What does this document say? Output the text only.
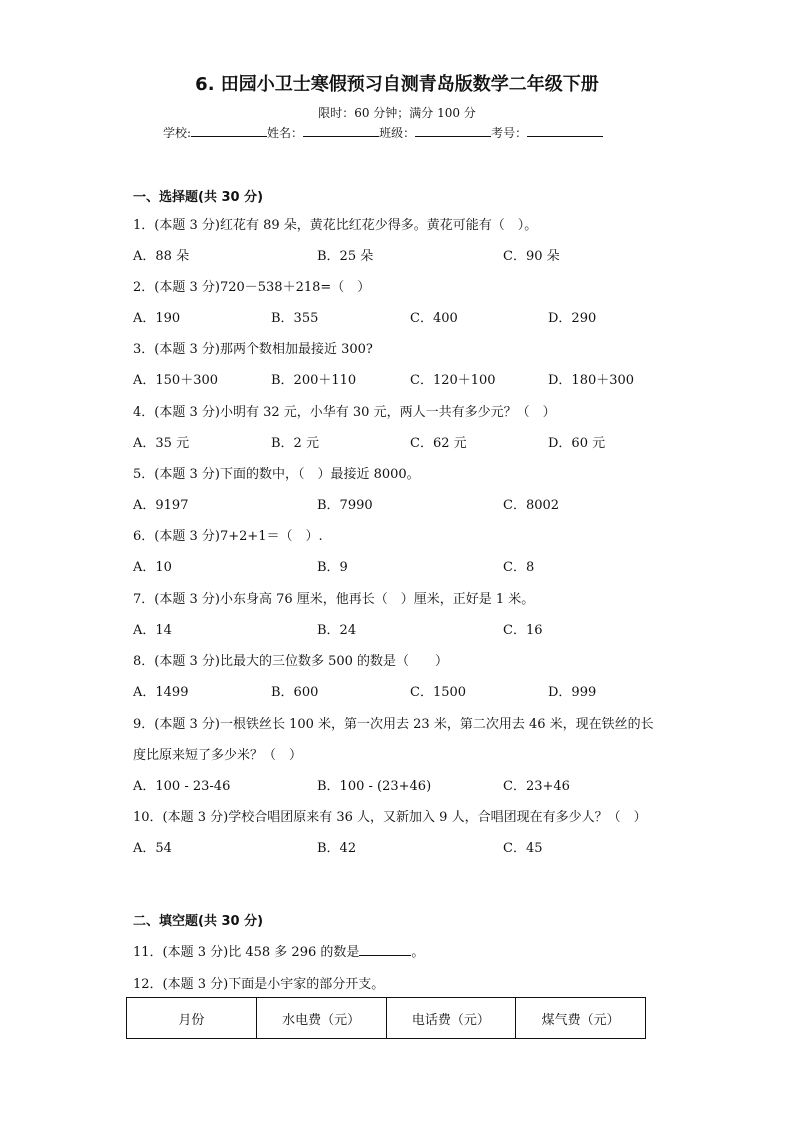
6. 田园小卫士寒假预习自测青岛版数学二年级下册
限时：60 分钟；满分 100 分
学校:	姓名：	班级：	考号：
一、选择题(共 30 分)
1．(本题 3 分)红花有 89 朵，黄花比红花少得多。黄花可能有（　）。
A．88 朵	B．25 朵	C．90 朵
2．(本题 3 分)720－538＋218=（　）
A．190	B．355	C．400	D．290
3．(本题 3 分)那两个数相加最接近 300?
A．150＋300	B．200＋110	C．120＋100	D．180＋300
4．(本题 3 分)小明有 32 元，小华有 30 元，两人一共有多少元？（　）
A．35 元	B．2 元	C．62 元	D．60 元
5．(本题 3 分)下面的数中，（　）最接近 8000。
A．9197	B．7990	C．8002
6．(本题 3 分)7+2+1＝（　）.
A．10	B．9	C．8
7．(本题 3 分)小东身高 76 厘米，他再长（　）厘米，正好是 1 米。
A．14	B．24	C．16
8．(本题 3 分)比最大的三位数多 500 的数是（　　）
A．1499	B．600	C．1500	D．999
9．(本题 3 分)一根铁丝长 100 米，第一次用去 23 米，第二次用去 46 米，现在铁丝的长
度比原来短了多少米？（　）
A．100 - 23-46	B．100 - (23+46)	C．23+46
10．(本题 3 分)学校合唱团原来有 36 人，又新加入 9 人，合唱团现在有多少人？（　）
A．54	B．42	C．45
二、填空题(共 30 分)
11．(本题 3 分)比 458 多 296 的数是	。
12．(本题 3 分)下面是小宇家的部分开支。
月份	水电费（元）	电话费（元）	煤气费（元）
